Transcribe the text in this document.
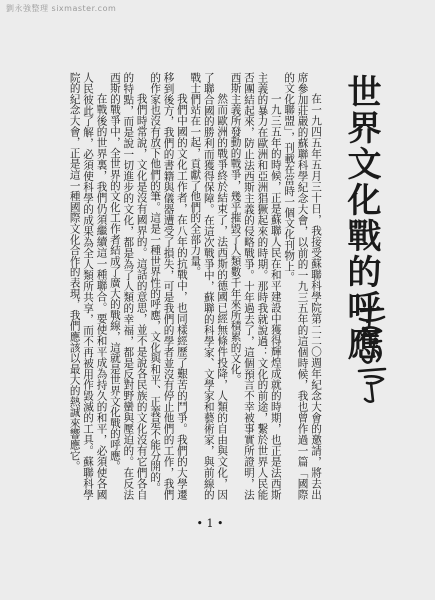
劉永強整理 sixmaster.com
世界文化戰的呼應

在一九四五年五月三十日，我接受蘇聯科學院第二二〇週年紀念大會的邀請，將去出席參加莊嚴的蘇聯科學紀念大會，以前的一九三五年的這個時候，我也曾作過一篇「國際的文化聯盟」，刊載在當時一個文化刊物上。

一九三五年的時候，正是蘇聯人民在和平建設中獲得輝煌成就的時期，也正是法西斯主義的暴力在歐洲和亞洲猖獗起來的時期。那時我就說過：文化的前途，繫於世界人民能否團結起來，防止法西斯主義的侵略戰爭。十年過去了，這個預言不幸被事實所證明，法西斯主義所發動的戰爭，幾乎摧毀了人類數千年來所積累的文化。

然而歐洲的戰爭終於結束了，法西斯的德國已經無條件投降，人類的自由與文化，因了聯合國的勝利而獲得保障。在這次戰爭中，蘇聯的科學家、文學家和藝術家，與前線的戰士們站在一起，貢獻了他們的全部力量。

我們中國的文化工作者，在八年的抗戰中，也同樣經歷了艱苦的鬥爭。我們的大學遷移到後方，我們的書籍與儀器遭受了損失，可是我們的學者並沒有停止他們的工作，我們的作家也沒有放下他們的筆。這是一種世界性的呼應，文化與和平、正義是不能分開的。

我們時常說，文化是沒有國界的。這話的意思，並不是說各民族的文化沒有它們各自的特點，而是說一切進步的文化，都是為了人類的幸福，都是反對野蠻與壓迫的。在反法西斯的戰爭中，全世界的文化工作者結成了廣大的戰線，這就是世界文化戰的呼應。

在戰後的世界裏，我們仍須繼續這一種聯合。要使和平成為持久的和平，必須使各國人民彼此了解，必須使科學的成果為全人類所共享，而不再被用作毀滅的工具。蘇聯科學院的紀念大會，正是這一種國際文化合作的表現，我們應該以最大的熱誠來響應它。

• 1 •
